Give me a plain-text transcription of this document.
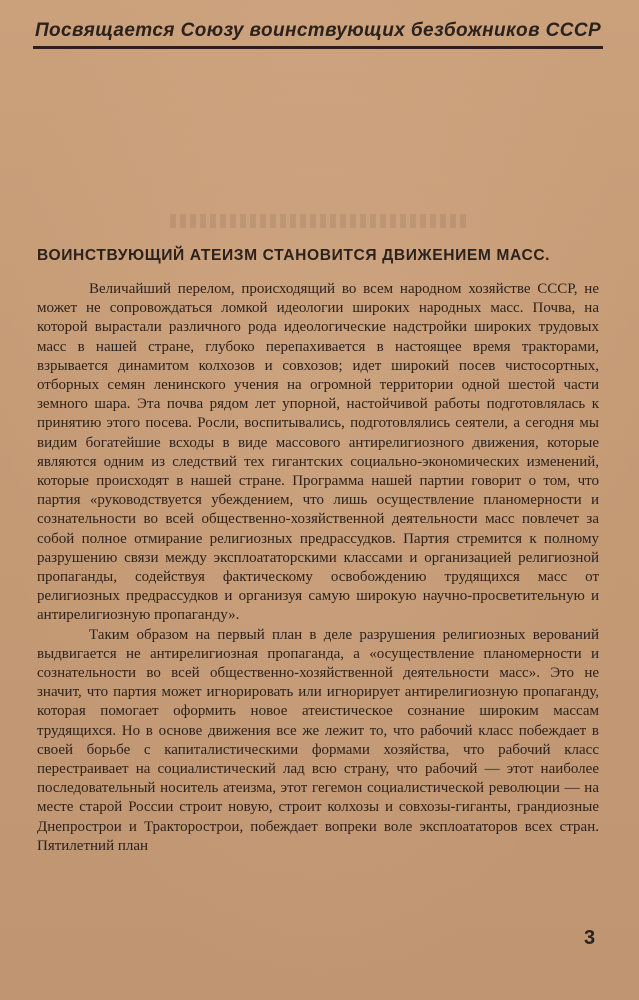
Посвящается Союзу воинствующих безбожников СССР
ВОИНСТВУЮЩИЙ АТЕИЗМ СТАНОВИТСЯ ДВИЖЕНИЕМ МАСС.

Величайший перелом, происходящий во всем народном хозяйстве СССР, не может не сопровождаться ломкой идеологии широких народных масс. Почва, на которой вырастали различного рода идеологические надстройки широких трудовых масс в нашей стране, глубоко перепахивается в настоящее время тракторами, взрывается динамитом колхозов и совхозов; идет широкий посев чистосортных, отборных семян ленинского учения на огромной территории одной шестой части земного шара. Эта почва рядом лет упорной, настойчивой работы подготовлялась к принятию этого посева. Росли, воспитывались, подготовлялись сеятели, а сегодня мы видим богатейшие всходы в виде массового антирелигиозного движения, которые являются одним из следствий тех гигантских социально-экономических изменений, которые происходят в нашей стране. Программа нашей партии говорит о том, что партия «руководствуется убеждением, что лишь осуществление планомерности и сознательности во всей общественно-хозяйственной деятельности масс повлечет за собой полное отмирание религиозных предрассудков. Партия стремится к полному разрушению связи между эксплоататорскими классами и организацией религиозной пропаганды, содействуя фактическому освобождению трудящихся масс от религиозных предрассудков и организуя самую широкую научно-просветительную и антирелигиозную пропаганду».

Таким образом на первый план в деле разрушения религиозных верований выдвигается не антирелигиозная пропаганда, а «осуществление планомерности и сознательности во всей общественно-хозяйственной деятельности масс». Это не значит, что партия может игнорировать или игнорирует антирелигиозную пропаганду, которая помогает оформить новое атеистическое сознание широким массам трудящихся. Но в основе движения все же лежит то, что рабочий класс побеждает в своей борьбе с капиталистическими формами хозяйства, что рабочий класс перестраивает на социалистический лад всю страну, что рабочий — этот наиболее последовательный носитель атеизма, этот гегемон социалистической революции — на месте старой России строит новую, строит колхозы и совхозы-гиганты, грандиозные Днепрострои и Тракторострои, побеждает вопреки воле эксплоататоров всех стран. Пятилетний план

3
